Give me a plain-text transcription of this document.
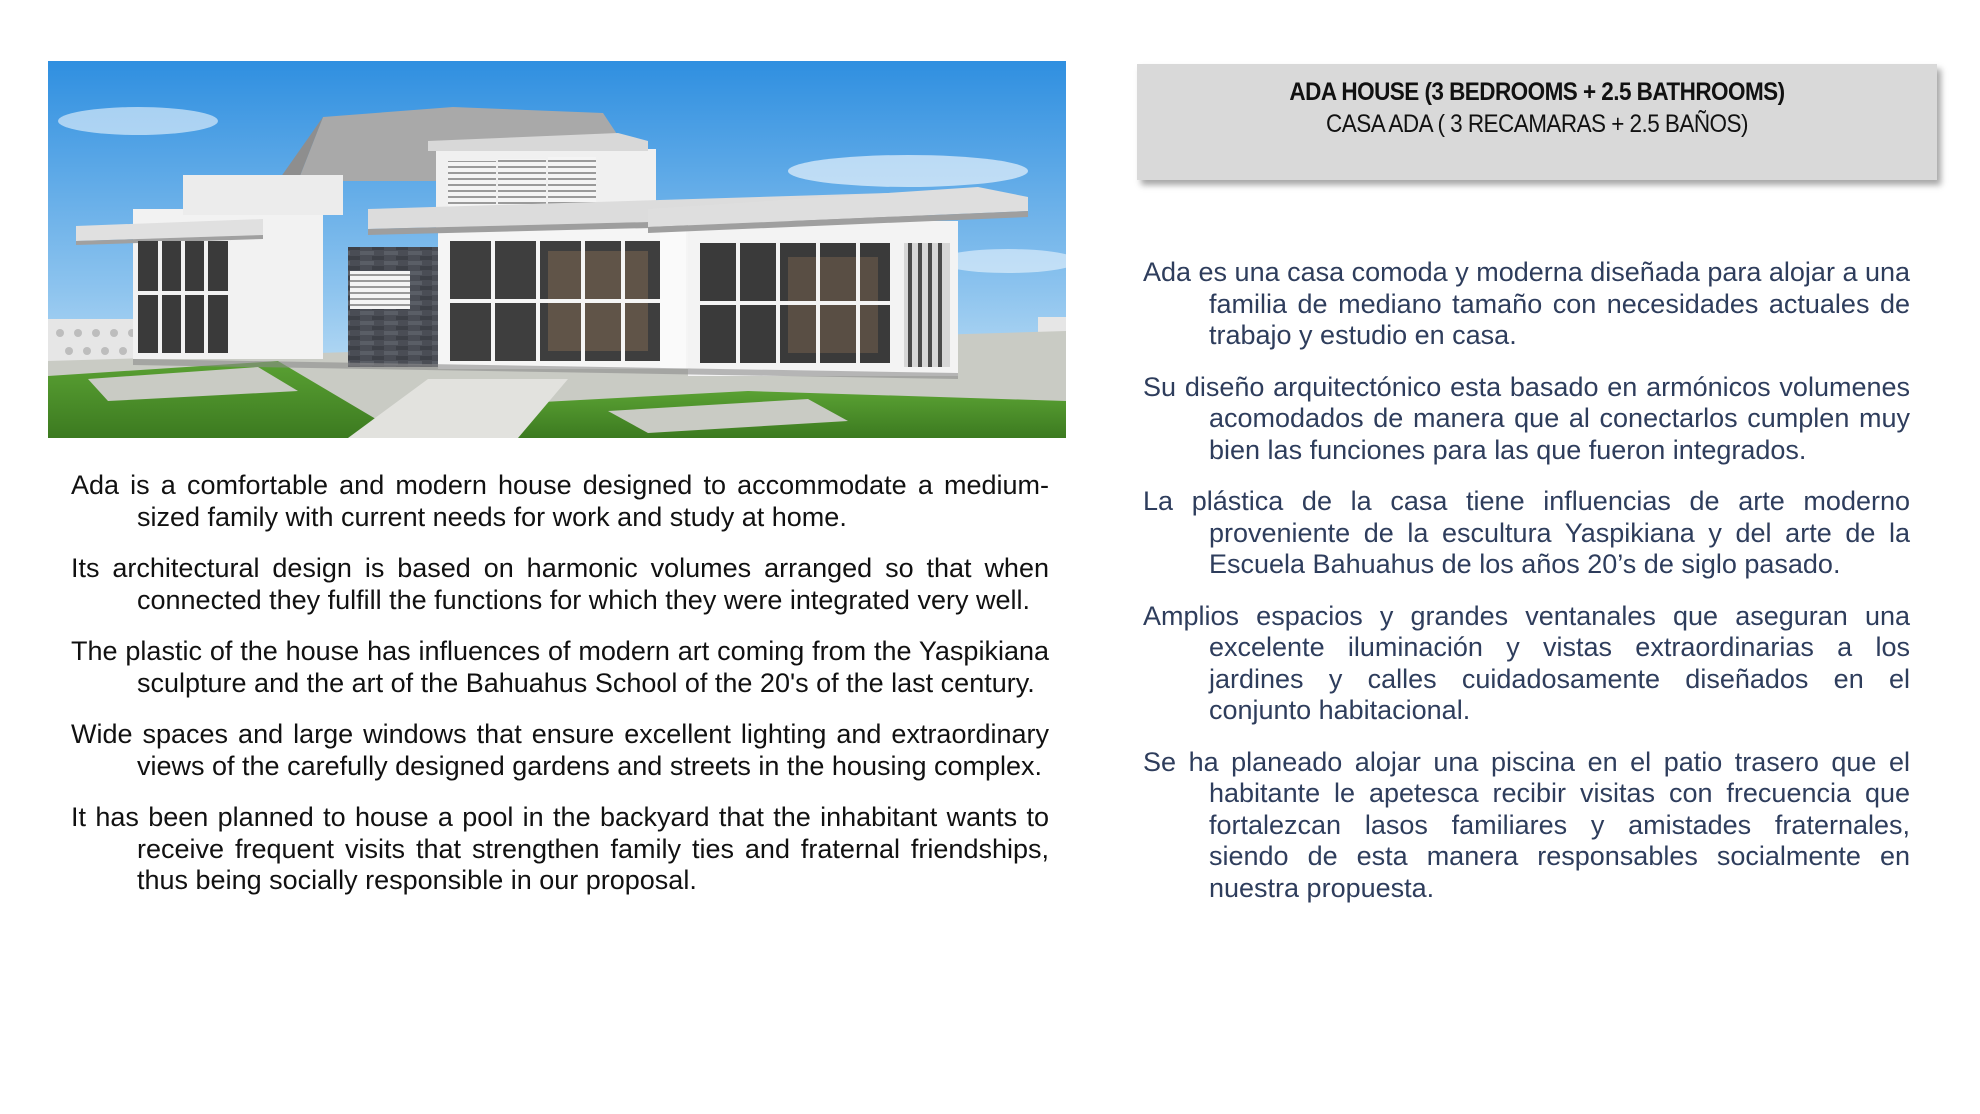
ADA HOUSE (3 BEDROOMS + 2.5 BATHROOMS)
CASA ADA ( 3 RECAMARAS + 2.5 BAÑOS)

Ada is a comfortable and modern house designed to accommodate a medium-sized family with current needs for work and study at home.

Its architectural design is based on harmonic volumes arranged so that when connected they fulfill the functions for which they were integrated very well.

The plastic of the house has influences of modern art coming from the Yaspikiana sculpture and the art of the Bahuahus School of the 20's of the last century.

Wide spaces and large windows that ensure excellent lighting and extraordinary views of the carefully designed gardens and streets in the housing complex.

It has been planned to house a pool in the backyard that the inhabitant wants to receive frequent visits that strengthen family ties and fraternal friendships, thus being socially responsible in our proposal.

Ada es una casa comoda y moderna diseñada para alojar a una familia de mediano tamaño con necesidades actuales de trabajo y estudio en casa.

Su diseño arquitectónico esta basado en armónicos volumenes acomodados de manera que al conectarlos cumplen muy bien las funciones para las que fueron integrados.

La plástica de la casa tiene influencias de arte moderno proveniente de la escultura Yaspikiana y del arte de la Escuela Bahuahus de los años 20’s de siglo pasado.

Amplios espacios y grandes ventanales que aseguran una excelente iluminación y vistas extraordinarias a los jardines y calles cuidadosamente diseñados en el conjunto habitacional.

Se ha planeado alojar una piscina en el patio trasero que el habitante le apetesca recibir visitas con frecuencia que fortalezcan lasos familiares y amistades fraternales, siendo de esta manera responsables socialmente en nuestra propuesta.
